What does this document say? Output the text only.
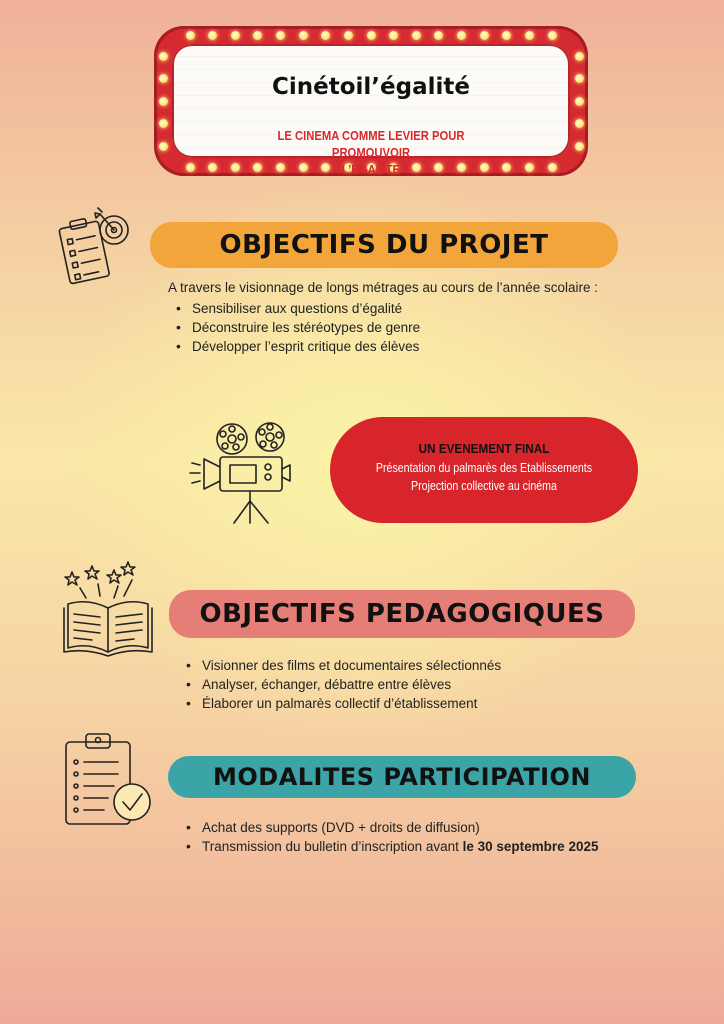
Cinétoil’égalité
LE CINEMA COMME LEVIER POUR PROMOUVOIR
L’EGALITE
OBJECTIFS DU PROJET
A travers le visionnage de longs métrages au cours de l’année scolaire :
• Sensibiliser aux questions d’égalité
• Déconstruire les stéréotypes de genre
• Développer l’esprit critique des élèves
UN EVENEMENT FINAL
Présentation du palmarès des Etablissements
Projection collective au cinéma
OBJECTIFS PEDAGOGIQUES
• Visionner des films et documentaires sélectionnés
• Analyser, échanger, débattre entre élèves
• Élaborer un palmarès collectif d’établissement
MODALITES PARTICIPATION
• Achat des supports (DVD + droits de diffusion)
• Transmission du bulletin d’inscription avant le 30 septembre 2025
